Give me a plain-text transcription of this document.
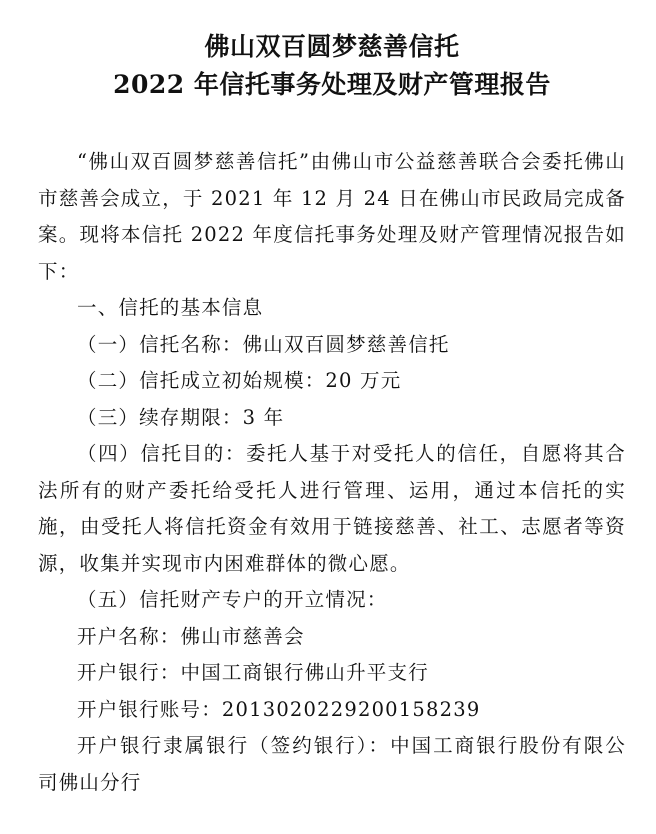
佛山双百圆梦慈善信托

2022 年信托事务处理及财产管理报告

“佛山双百圆梦慈善信托”由佛山市公益慈善联合会委托佛山市慈善会成立，于 2021 年 12 月 24 日在佛山市民政局完成备案。现将本信托 2022 年度信托事务处理及财产管理情况报告如下：

一、信托的基本信息

（一）信托名称：佛山双百圆梦慈善信托

（二）信托成立初始规模：20 万元

（三）续存期限：3 年

（四）信托目的：委托人基于对受托人的信任，自愿将其合法所有的财产委托给受托人进行管理、运用，通过本信托的实施，由受托人将信托资金有效用于链接慈善、社工、志愿者等资源，收集并实现市内困难群体的微心愿。

（五）信托财产专户的开立情况：

开户名称：佛山市慈善会

开户银行：中国工商银行佛山升平支行

开户银行账号：2013020229200158239

开户银行隶属银行（签约银行）：中国工商银行股份有限公司佛山分行
